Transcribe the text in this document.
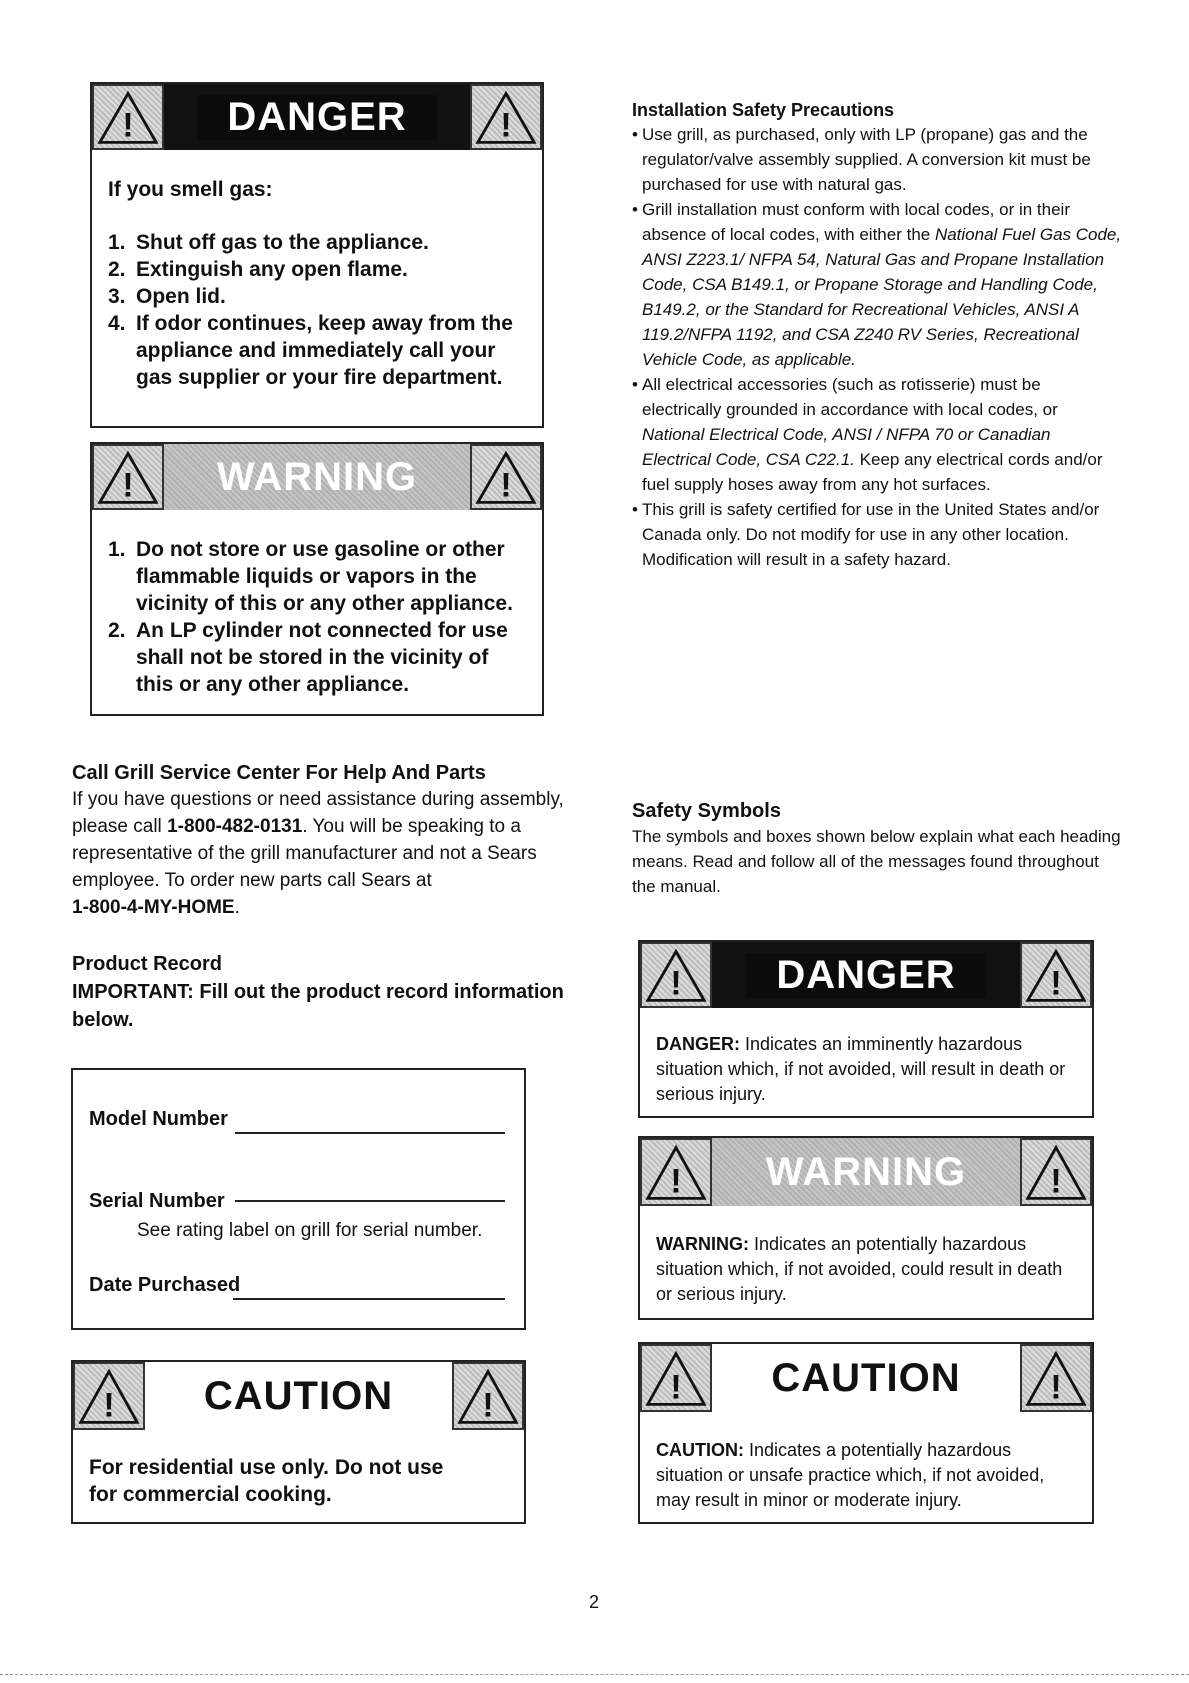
DANGER
!	!
If you smell gas:
1. Shut off gas to the appliance.
2. Extinguish any open flame.
3. Open lid.
4. If odor continues, keep away from the appliance and immediately call your gas supplier or your fire department.
WARNING
!	!
1. Do not store or use gasoline or other flammable liquids or vapors in the vicinity of this or any other appliance.
2. An LP cylinder not connected for use shall not be stored in the vicinity of this or any other appliance.
Call Grill Service Center For Help And Parts
If you have questions or need assistance during assembly,
please call 1-800-482-0131. You will be speaking to a
representative of the grill manufacturer and not a Sears
employee. To order new parts call Sears at
1-800-4-MY-HOME.
Product Record
IMPORTANT: Fill out the product record information below.
Model Number
Serial Number
See rating label on grill for serial number.
Date Purchased
CAUTION
!	!
For residential use only. Do not use for commercial cooking.
Installation Safety Precautions
• Use grill, as purchased, only with LP (propane) gas and the regulator/valve assembly supplied. A conversion kit must be purchased for use with natural gas.
• Grill installation must conform with local codes, or in their absence of local codes, with either the National Fuel Gas Code, ANSI Z223.1/ NFPA 54, Natural Gas and Propane Installation Code, CSA B149.1, or Propane Storage and Handling Code, B149.2, or the Standard for Recreational Vehicles, ANSI A 119.2/NFPA 1192, and CSA Z240 RV Series, Recreational Vehicle Code, as applicable.
• All electrical accessories (such as rotisserie) must be electrically grounded in accordance with local codes, or National Electrical Code, ANSI / NFPA 70 or Canadian Electrical Code, CSA C22.1. Keep any electrical cords and/or fuel supply hoses away from any hot surfaces.
• This grill is safety certified for use in the United States and/or Canada only. Do not modify for use in any other location. Modification will result in a safety hazard.
Safety Symbols
The symbols and boxes shown below explain what each heading means. Read and follow all of the messages found throughout the manual.
DANGER
!	!
DANGER: Indicates an imminently hazardous situation which, if not avoided, will result in death or serious injury.
WARNING
!	!
WARNING: Indicates an potentially hazardous situation which, if not avoided, could result in death or serious injury.
CAUTION
!	!
CAUTION: Indicates a potentially hazardous situation or unsafe practice which, if not avoided, may result in minor or moderate injury.
2
